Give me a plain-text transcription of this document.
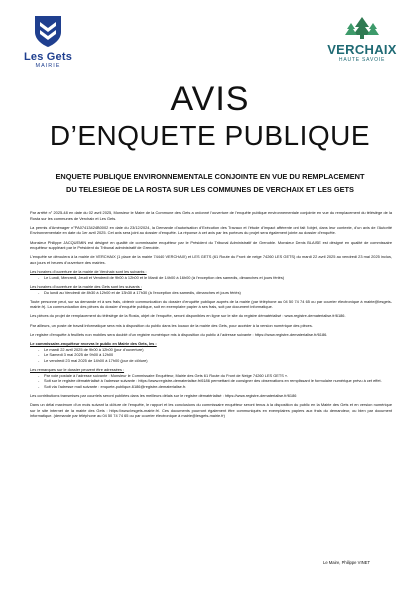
Les Gets
MAIRIE
VERCHAIX
HAUTE SAVOIE
AVIS
D’ENQUETE PUBLIQUE
ENQUETE PUBLIQUE ENVIRONNEMENTALE CONJOINTE EN VUE DU REMPLACEMENT
DU TELESIEGE DE LA ROSTA SUR LES COMMUNES DE VERCHAIX ET LES GETS

Par arrêté n° 2025-48 en date du 02 avril 2025, Monsieur le Maire de la Commune des Gets a ordonné l’ouverture de l’enquête publique environnementale conjointe en vue du remplacement du télésiège de la Rosta sur les communes de Verchaix et Les Gets.

La permis d’Aménager n°PA07413424B0002 en date du 23/12/2024, la Demande d’autorisation d’Exécution des Travaux et l’étude d’impact afférente ont fait l’objet, dans leur contexte, d’un avis de l’Autorité Environnementale en date du 1er avril 2025. Cet avis sera joint au dossier d’enquête. La réponse à cet avis par les porteurs du projet sera également jointe au dossier d’enquête.

Monsieur Philippe JACQUEMIN est désigné en qualité de commissaire enquêteur par le Président du Tribunal Administratif de Grenoble. Monsieur Denis BLAISE est désigné en qualité de commissaire enquêteur suppléant par le Président du Tribunal administratif de Grenoble.

L’enquête se déroulera à la mairie de VERCHAIX (1 place de la mairie 74440 VERCHAIX) et LES GETS (61 Route du Front de neige 74260 LES GETS) du mardi 22 avril 2025 au vendredi 23 mai 2025 inclus, aux jours et heures d’ouverture des mairies.

Les horaires d’ouverture de la mairie de Verchaix sont les suivants :

- Le Lundi, Mercredi, Jeudi et Vendredi de 9h00 à 12h00 et le Mardi de 14h00 à 16h00 (à l’exception des samedis, dimanches et jours fériés)

Les horaires d’ouverture de la mairie des Gets sont les suivants :

- Du lundi au Vendredi de 8h30 à 12h00 et de 13h30 à 17h30 (à l’exception des samedis, dimanches et jours fériés)

Toute personne peut, sur sa demande et à ses frais, obtenir communication du dossier d’enquête publique auprès de la mairie (par téléphone au 04 50 74 74 65 ou par courrier électronique à mairie@lesgets-mairie.fr). La communication des pièces du dossier d’enquête publique, soit en exemplaire papier à ses frais, soit par document informatique.

Les pièces du projet de remplacement du télésiège de la Rosta, objet de l’enquête, seront disponibles en ligne sur le site du registre dématérialisé : www.registre-dematerialise.fr/6186.

Par ailleurs, un poste de travail informatique sera mis à disposition du public dans les locaux de la mairie des Gets, pour accéder à la version numérique des pièces.

Le registre d’enquête à feuillets non mobiles sera doublé d’un registre numérique mis à disposition du public à l’adresse suivante : https://www.registre-dematerialise.fr/6186.

Le commissaire-enquêteur recevra le public en Mairie des Gets, les :

- Le mardi 22 avril 2025 de 9h00 à 12h00 (jour d’ouverture)
- Le Samedi 3 mai 2025 de 9h00 à 12h00
- Le vendredi 23 mai 2025 de 14h00 à 17h00 (jour de clôture)

Les remarques sur le dossier peuvent être adressées :

- Par voie postale à l’adresse suivante : Monsieur le Commissaire Enquêteur, Mairie des Gets 61 Route du Front de Neige 74260 LES GETS ».
- Soit sur le registre dématérialisé à l’adresse suivante : https://www.registre-dematerialise.fr/6186 permettant de consigner des observations en remplissant le formulaire numérique prévu à cet effet.
- Soit via l’adresse mail suivante : enquete-publique-6186@registre-dematerialise.fr.

Les contributions transmises par courriels seront publiées dans les meilleurs délais sur le registre dématérialisé : https://www.registre-dematerialise.fr/6186

Dans un délai maximum d’un mois suivant la clôture de l’enquête, le rapport et les conclusions du commissaire enquêteur seront tenus à la disposition du public en la Mairie des Gets et en version numérique sur le site internet de la mairie des Gets : https://www.lesgets-mairie.fr/. Ces documents pourront également être communiqués en exemplaires papiers aux frais du demandeur, ou bien par document informatique. (demande par téléphone au 04 50 74 74 65 ou par courrier électronique à mairie@lesgets-mairie.fr)

Le Maire, Philippe VINET
